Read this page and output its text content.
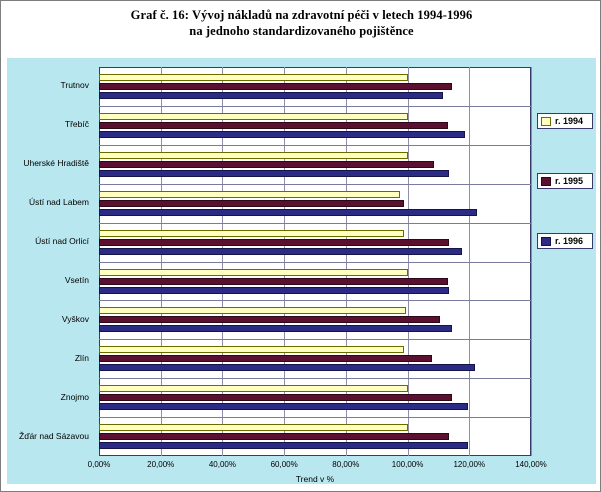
Graf č. 16: Vývoj nákladů na zdravotní péči v letech 1994-1996
na jednoho standardizovaného pojištěnce
Trutnov
Třebíč
Uherské Hradiště
Ústí nad Labem
Ústí nad Orlicí
Vsetín
Vyškov
Zlín
Znojmo
Žďár nad Sázavou
0,00%	20,00%	40,00%	60,00%	80,00%	100,00%	120,00%	140,00%
Trend v %
r. 1994
r. 1995
r. 1996
